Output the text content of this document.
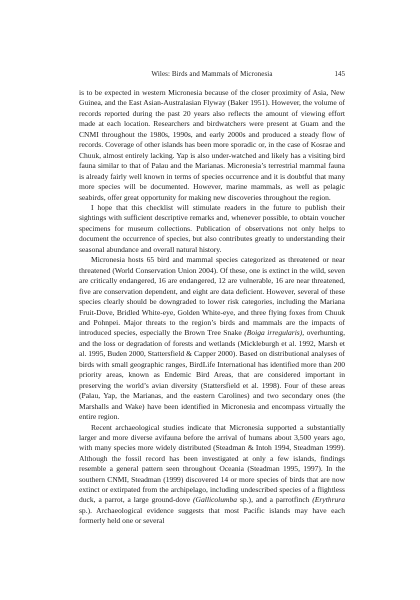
Wiles: Birds and Mammals of Micronesia	145

is to be expected in western Micronesia because of the closer proximity of Asia, New Guinea, and the East Asian-Australasian Flyway (Baker 1951). However, the volume of records reported during the past 20 years also reflects the amount of viewing effort made at each location. Researchers and birdwatchers were present at Guam and the CNMI throughout the 1980s, 1990s, and early 2000s and produced a steady flow of records. Coverage of other islands has been more sporadic or, in the case of Kosrae and Chuuk, almost entirely lacking. Yap is also under-watched and likely has a visiting bird fauna similar to that of Palau and the Marianas. Micronesia’s terrestrial mammal fauna is already fairly well known in terms of species occurrence and it is doubtful that many more species will be documented. However, marine mammals, as well as pelagic seabirds, offer great opportunity for making new discoveries throughout the region.

I hope that this checklist will stimulate readers in the future to publish their sightings with sufficient descriptive remarks and, whenever possible, to obtain voucher specimens for museum collections. Publication of observations not only helps to document the occurrence of species, but also contributes greatly to understanding their seasonal abundance and overall natural history.

Micronesia hosts 65 bird and mammal species categorized as threatened or near threatened (World Conservation Union 2004). Of these, one is extinct in the wild, seven are critically endangered, 16 are endangered, 12 are vulnerable, 16 are near threatened, five are conservation dependent, and eight are data deficient. However, several of these species clearly should be downgraded to lower risk categories, including the Mariana Fruit-Dove, Bridled White-eye, Golden White-eye, and three flying foxes from Chuuk and Pohnpei. Major threats to the region’s birds and mammals are the impacts of introduced species, especially the Brown Tree Snake (Boiga irregularis), overhunting, and the loss or degradation of forests and wetlands (Mickleburgh et al. 1992, Marsh et al. 1995, Buden 2000, Stattersfield & Capper 2000). Based on distributional analyses of birds with small geographic ranges, BirdLife International has identified more than 200 priority areas, known as Endemic Bird Areas, that are considered important in preserving the world’s avian diversity (Stattersfield et al. 1998). Four of these areas (Palau, Yap, the Marianas, and the eastern Carolines) and two secondary ones (the Marshalls and Wake) have been identified in Micronesia and encompass virtually the entire region.

Recent archaeological studies indicate that Micronesia supported a substantially larger and more diverse avifauna before the arrival of humans about 3,500 years ago, with many species more widely distributed (Steadman & Intoh 1994, Steadman 1999). Although the fossil record has been investigated at only a few islands, findings resemble a general pattern seen throughout Oceania (Steadman 1995, 1997). In the southern CNMI, Steadman (1999) discovered 14 or more species of birds that are now extinct or extirpated from the archipelago, including undescribed species of a flightless duck, a parrot, a large ground-dove (Gallicolumba sp.), and a parrotfinch (Erythrura sp.). Archaeological evidence suggests that most Pacific islands may have each formerly held one or several
